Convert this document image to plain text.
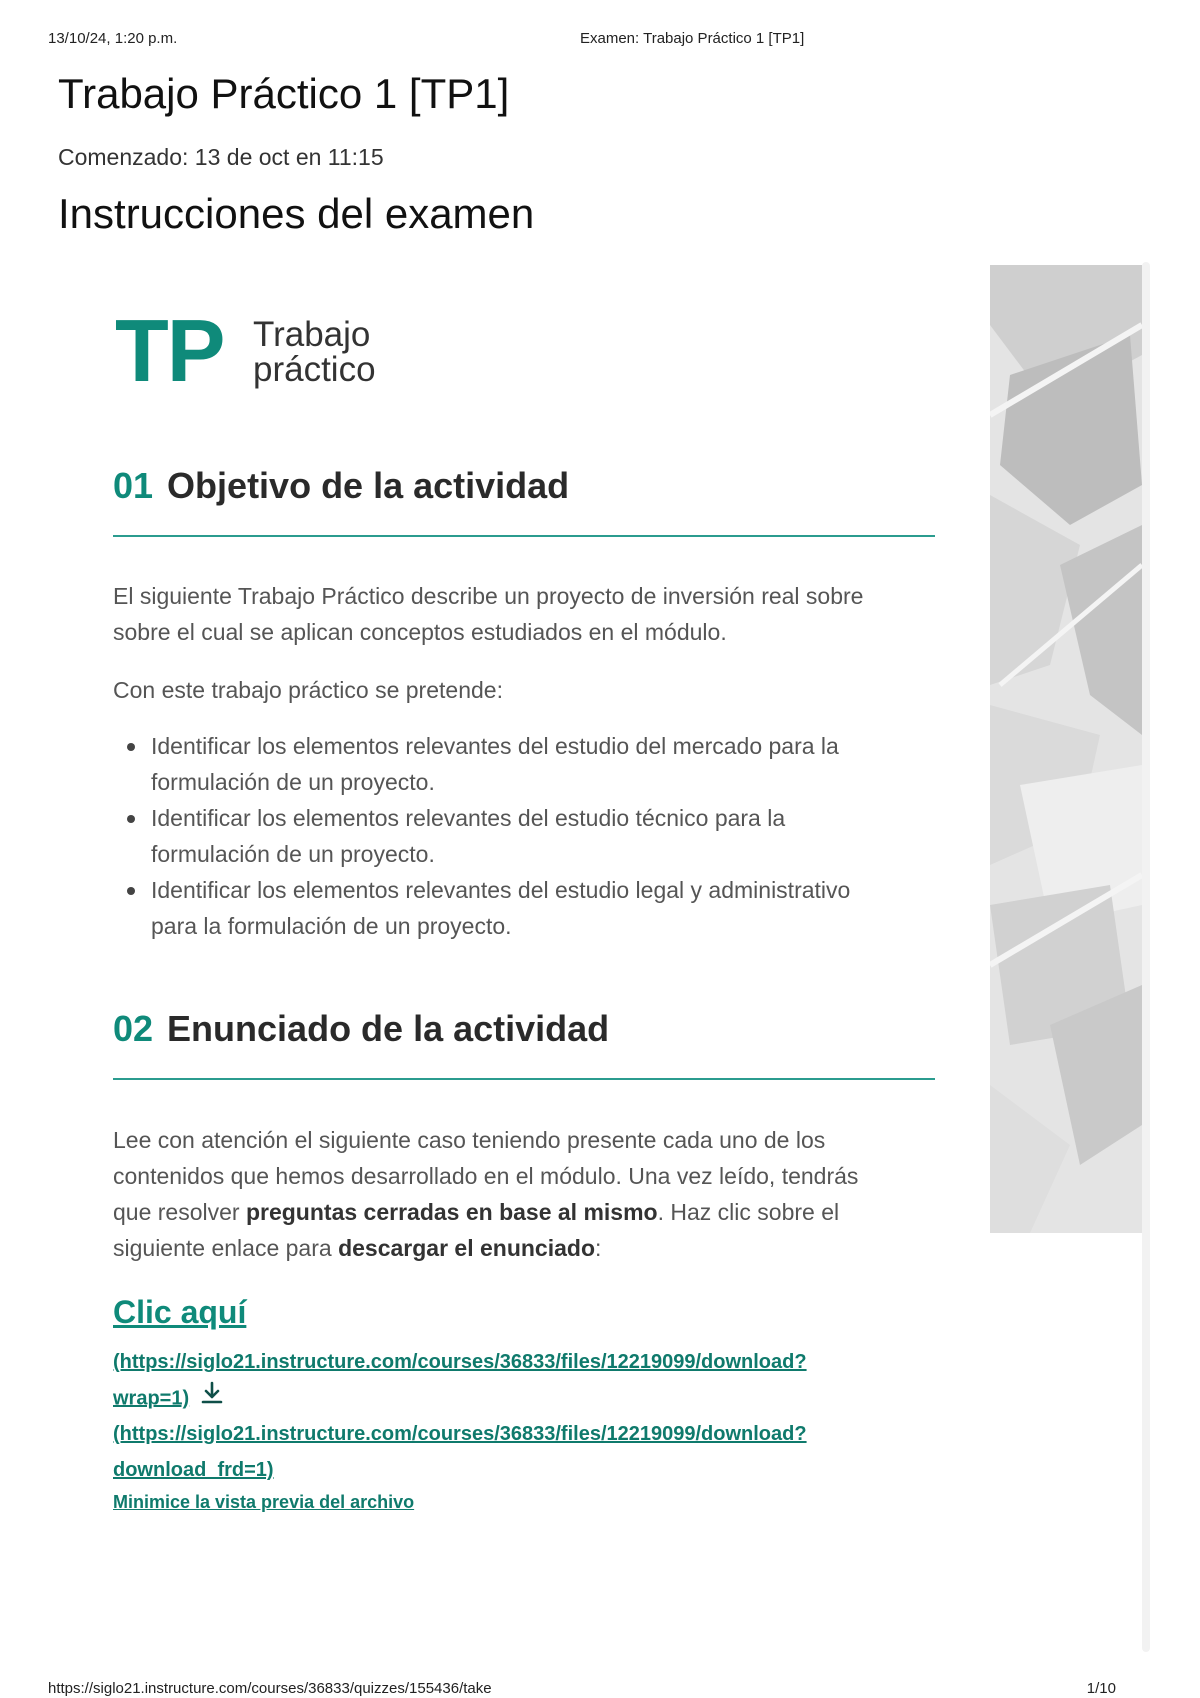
13/10/24, 1:20 p.m.	Examen: Trabajo Práctico 1 [TP1]
Trabajo Práctico 1 [TP1]
Comenzado: 13 de oct en 11:15
Instrucciones del examen
TP Trabajo
práctico
01 Objetivo de la actividad

El siguiente Trabajo Práctico describe un proyecto de inversión real sobre
sobre el cual se aplican conceptos estudiados en el módulo.

Con este trabajo práctico se pretende:

Identificar los elementos relevantes del estudio del mercado para la
formulación de un proyecto.
Identificar los elementos relevantes del estudio técnico para la
formulación de un proyecto.
Identificar los elementos relevantes del estudio legal y administrativo
para la formulación de un proyecto.
02 Enunciado de la actividad

Lee con atención el siguiente caso teniendo presente cada uno de los
contenidos que hemos desarrollado en el módulo. Una vez leído, tendrás
que resolver preguntas cerradas en base al mismo. Haz clic sobre el
siguiente enlace para descargar el enunciado:

Clic aquí
(https://siglo21.instructure.com/courses/36833/files/12219099/download?
wrap=1)
(https://siglo21.instructure.com/courses/36833/files/12219099/download?
download_frd=1)
Minimice la vista previa del archivo
https://siglo21.instructure.com/courses/36833/quizzes/155436/take	1/10
